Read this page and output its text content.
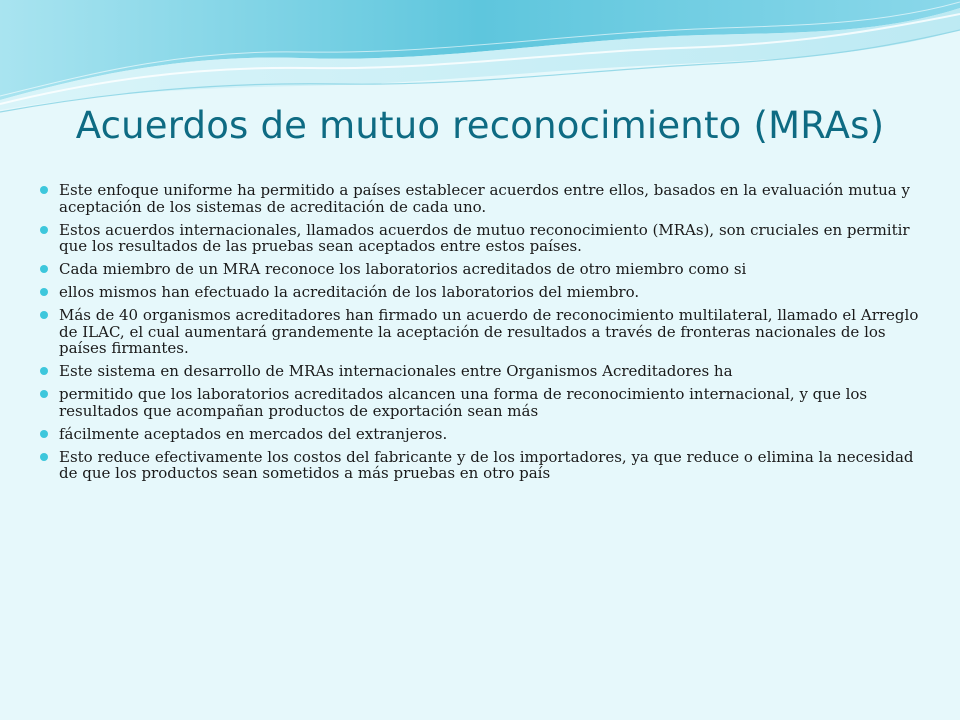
Acuerdos de mutuo reconocimiento (MRAs)
Este enfoque uniforme ha permitido a países establecer acuerdos entre ellos, basados en la evaluación mutua y aceptación de los sistemas de acreditación de cada uno.
Estos acuerdos internacionales, llamados acuerdos de mutuo reconocimiento (MRAs), son cruciales en permitir que los resultados de las pruebas sean aceptados entre estos países.
Cada miembro de un MRA reconoce los laboratorios acreditados de otro miembro como si
ellos mismos han efectuado la acreditación de los laboratorios del miembro.
Más de 40 organismos acreditadores han firmado un acuerdo de reconocimiento multilateral, llamado el Arreglo de ILAC, el cual aumentará grandemente la aceptación de resultados a través de fronteras nacionales de los países firmantes.
Este sistema en desarrollo de MRAs internacionales entre Organismos Acreditadores ha
permitido que los laboratorios acreditados alcancen una forma de reconocimiento internacional, y que los resultados que acompañan productos de exportación sean más
fácilmente aceptados en mercados del extranjeros.
Esto reduce efectivamente los costos del fabricante y de los importadores, ya que reduce o elimina la necesidad de que los productos sean sometidos a más pruebas en otro país
